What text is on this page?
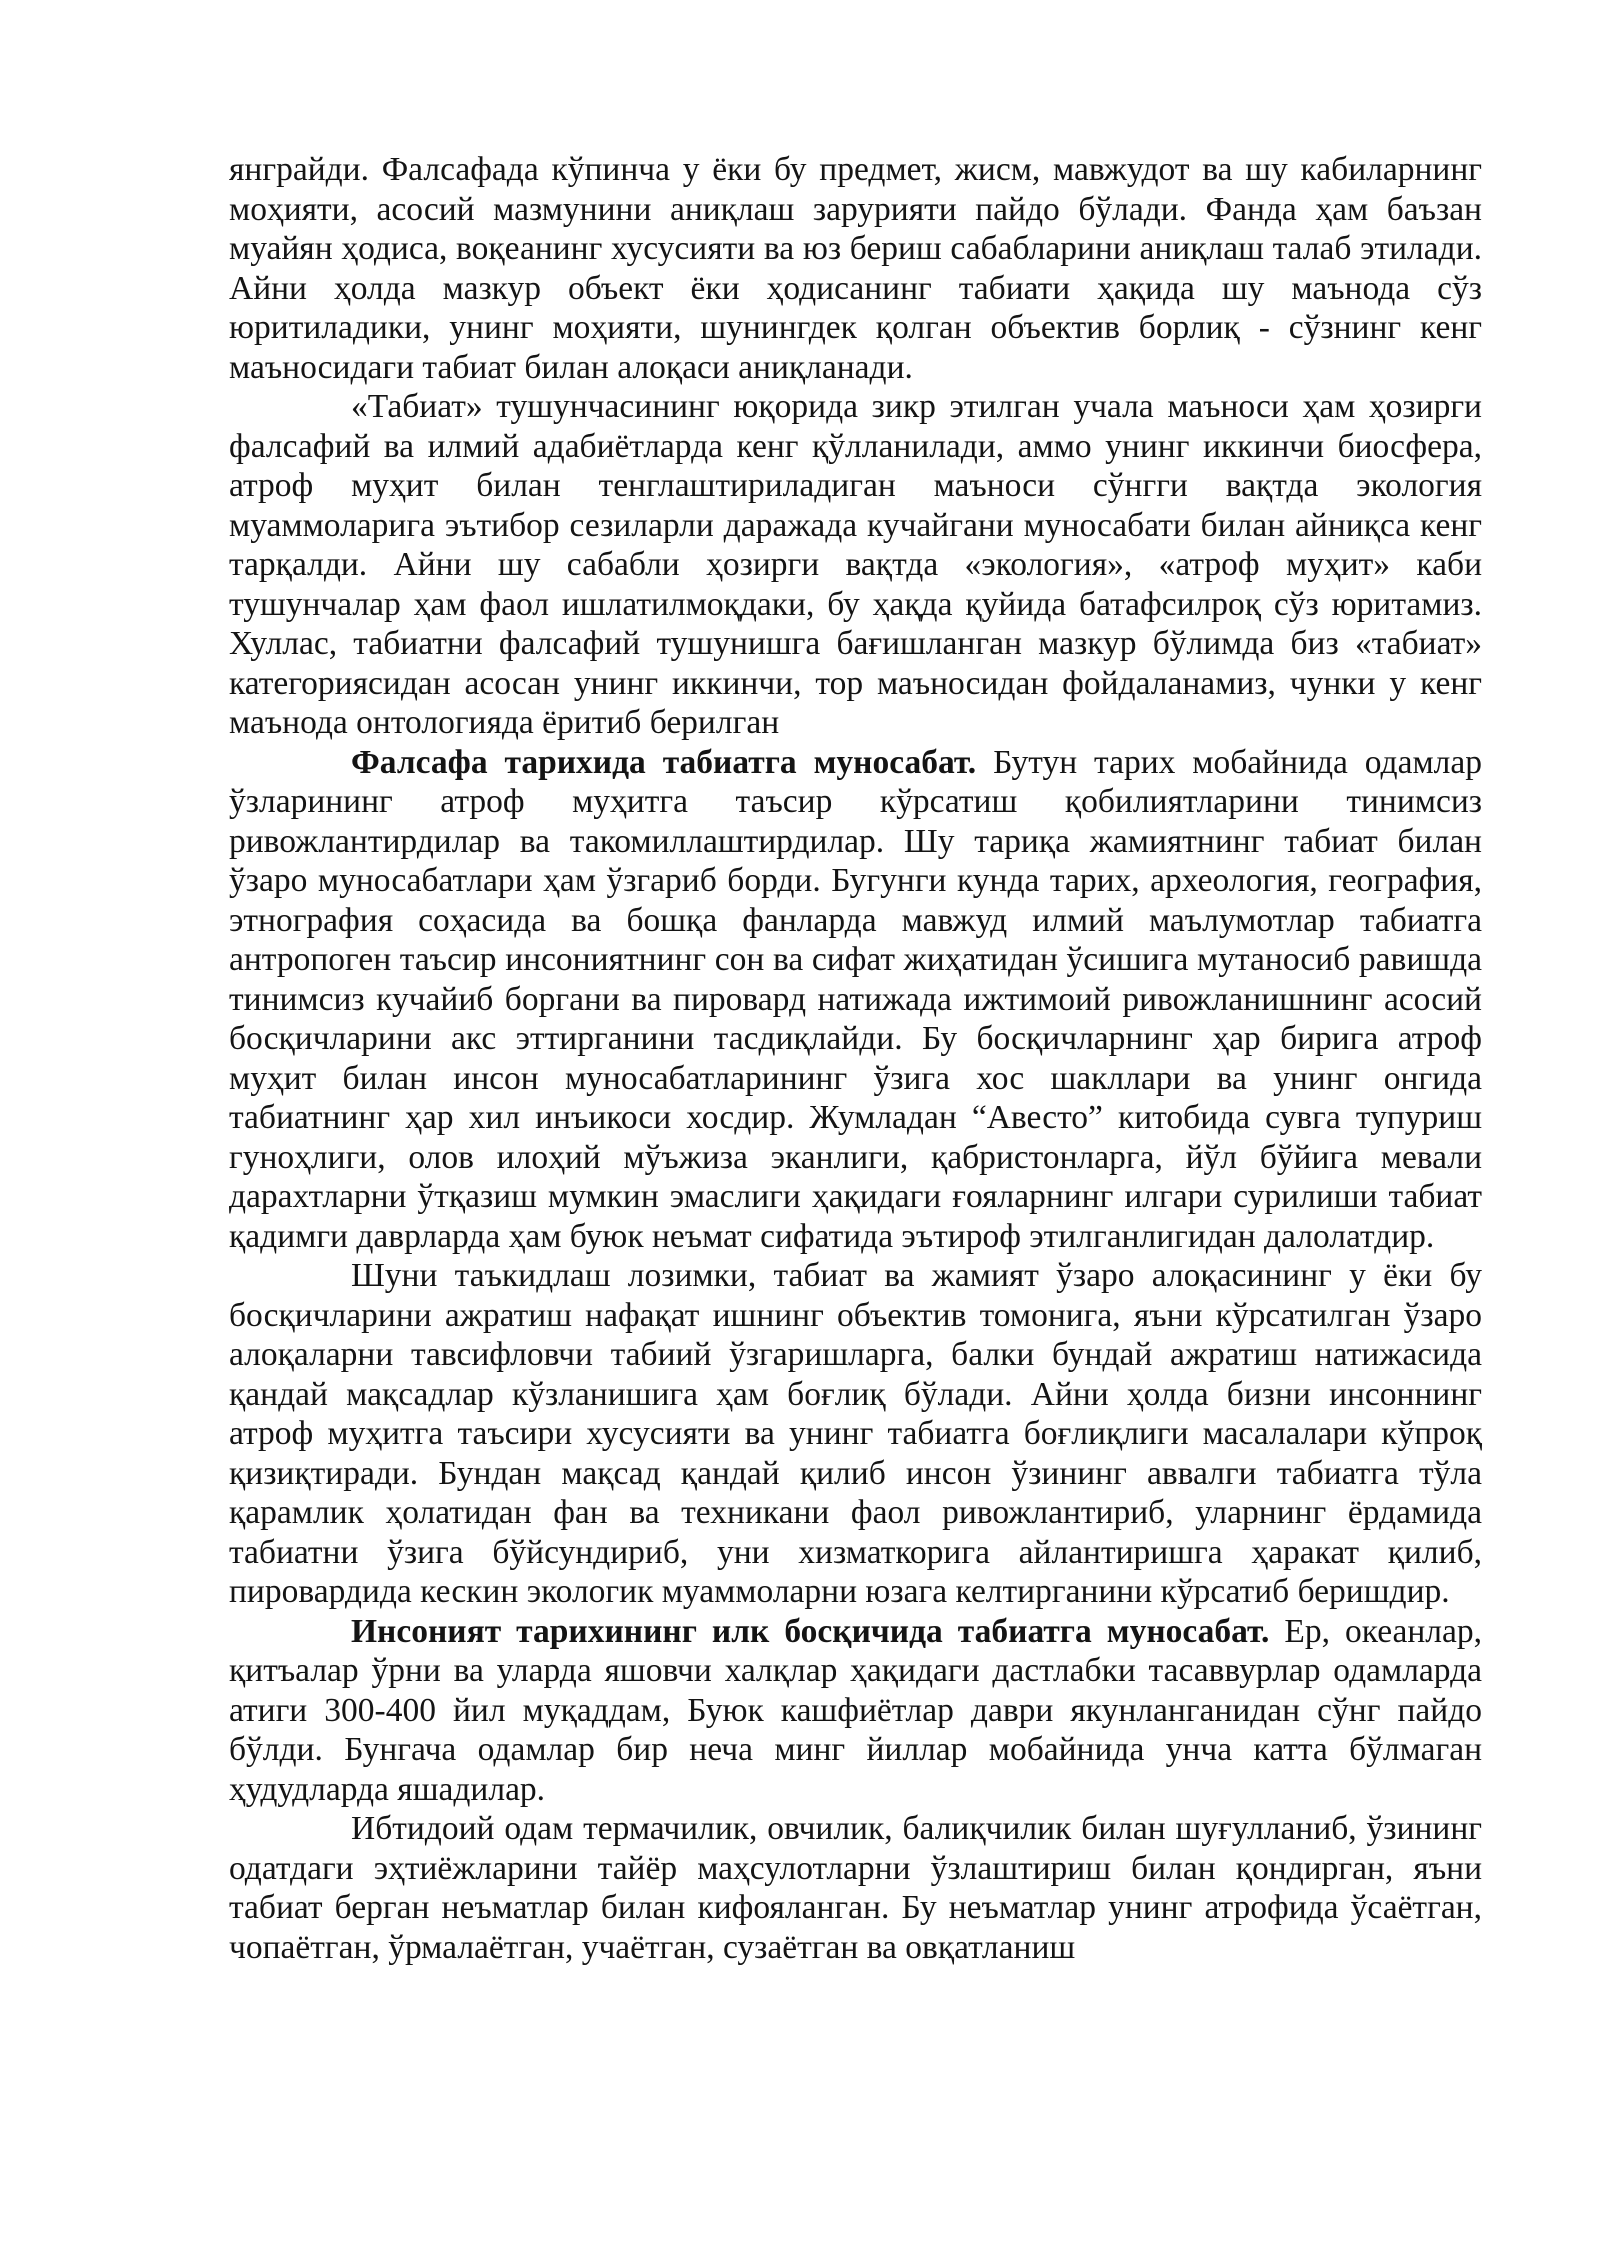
янграйди. Фалсафада кўпинча у ёки бу предмет, жисм, мавжудот ва шу кабиларнинг моҳияти, асосий мазмунини аниқлаш зарурияти пайдо бўлади. Фанда ҳам баъзан муайян ҳодиса, воқеанинг хусусияти ва юз бериш сабабларини аниқлаш талаб этилади. Айни ҳолда мазкур объект ёки ҳодисанинг табиати ҳақида шу маънода сўз юритиладики, унинг моҳияти, шунингдек қолган объектив борлиқ - сўзнинг кенг маъносидаги табиат билан алоқаси аниқланади.

«Табиат» тушунчасининг юқорида зикр этилган учала маъноси ҳам ҳозирги фалсафий ва илмий адабиётларда кенг қўлланилади, аммо унинг иккинчи биосфера, атроф муҳит билан тенглаштириладиган маъноси сўнгги вақтда экология муаммоларига эътибор сезиларли даражада кучайгани муносабати билан айниқса кенг тарқалди. Айни шу сабабли ҳозирги вақтда «экология», «атроф муҳит» каби тушунчалар ҳам фаол ишлатилмоқдаки, бу ҳақда қуйида батафсилроқ сўз юритамиз. Хуллас, табиатни фалсафий тушунишга бағишланган мазкур бўлимда биз «табиат» категориясидан асосан унинг иккинчи, тор маъносидан фойдаланамиз, чунки у кенг маънода онтологияда ёритиб берилган

Фалсафа тарихида табиатга муносабат. Бутун тарих мобайнида одамлар ўзларининг атроф муҳитга таъсир кўрсатиш қобилиятларини тинимсиз ривожлантирдилар ва такомиллаштирдилар. Шу тариқа жамиятнинг табиат билан ўзаро муносабатлари ҳам ўзгариб борди. Бугунги кунда тарих, археология, география, этнография соҳасида ва бошқа фанларда мавжуд илмий маълумотлар табиатга антропоген таъсир инсониятнинг сон ва сифат жиҳатидан ўсишига мутаносиб равишда тинимсиз кучайиб боргани ва пировард натижада ижтимоий ривожланишнинг асосий босқичларини акс эттирганини тасдиқлайди. Бу босқичларнинг ҳар бирига атроф муҳит билан инсон муносабатларининг ўзига хос шакллари ва унинг онгида табиатнинг ҳар хил инъикоси хосдир. Жумладан “Авесто” китобида сувга тупуриш гуноҳлиги, олов илоҳий мўъжиза эканлиги, қабристонларга, йўл бўйига мевали дарахтларни ўтқазиш мумкин эмаслиги ҳақидаги ғояларнинг илгари сурилиши табиат қадимги даврларда ҳам буюк неъмат сифатида эътироф этилганлигидан далолатдир.

Шуни таъкидлаш лозимки, табиат ва жамият ўзаро алоқасининг у ёки бу босқичларини ажратиш нафақат ишнинг объектив томонига, яъни кўрсатилган ўзаро алоқаларни тавсифловчи табиий ўзгаришларга, балки бундай ажратиш натижасида қандай мақсадлар кўзланишига ҳам боғлиқ бўлади. Айни ҳолда бизни инсоннинг атроф муҳитга таъсири хусусияти ва унинг табиатга боғлиқлиги масалалари кўпроқ қизиқтиради. Бундан мақсад қандай қилиб инсон ўзининг аввалги табиатга тўла қарамлик ҳолатидан фан ва техникани фаол ривожлантириб, уларнинг ёрдамида табиатни ўзига бўйсундириб, уни хизматкорига айлантиришга ҳаракат қилиб, пировардида кескин экологик муаммоларни юзага келтирганини кўрсатиб беришдир.

Инсоният тарихининг илк босқичида табиатга муносабат. Ер, океанлар, қитъалар ўрни ва уларда яшовчи халқлар ҳақидаги дастлабки тасаввурлар одамларда атиги 300-400 йил муқаддам, Буюк кашфиётлар даври якунланганидан сўнг пайдо бўлди. Бунгача одамлар бир неча минг йиллар мобайнида унча катта бўлмаган ҳудудларда яшадилар.

Ибтидоий одам термачилик, овчилик, балиқчилик билан шуғулланиб, ўзининг одатдаги эҳтиёжларини тайёр маҳсулотларни ўзлаштириш билан қондирган, яъни табиат берган неъматлар билан кифояланган. Бу неъматлар унинг атрофида ўсаётган, чопаётган, ўрмалаётган, учаётган, сузаётган ва овқатланиш
